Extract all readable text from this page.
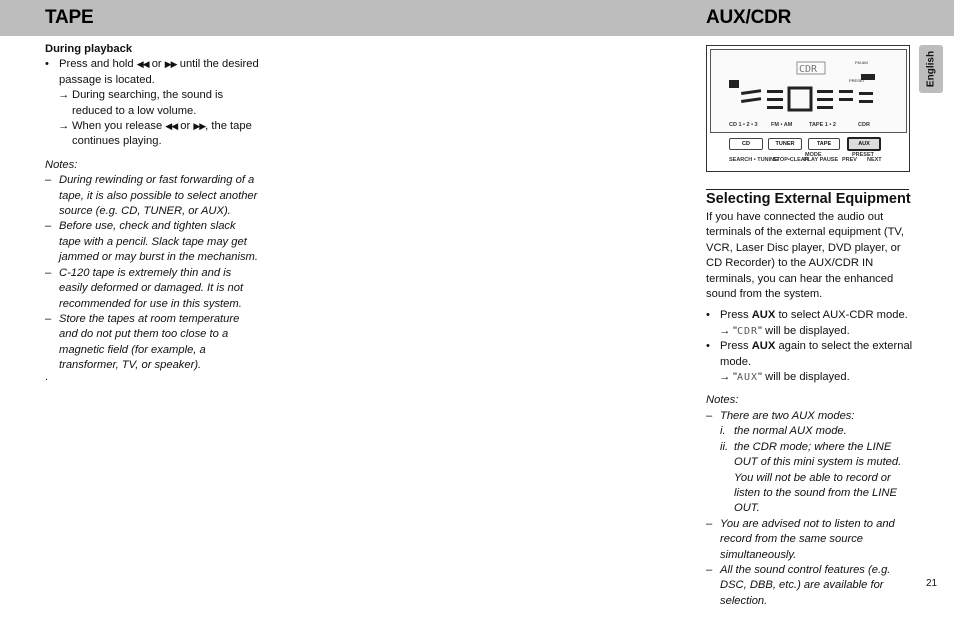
TAPE	AUX/CDR

During playback

• Press and hold ◀◀ or ▶▶ until the desired passage is located.

→ During searching, the sound is reduced to a low volume.

→ When you release ◀◀ or ▶▶, the tape continues playing.

Notes:

– During rewinding or fast forwarding of a tape, it is also possible to select another source (e.g. CD, TUNER, or AUX).

– Before use, check and tighten slack tape with a pencil. Slack tape may get jammed or may burst in the mechanism.

– C-120 tape is extremely thin and is easily deformed or damaged. It is not recommended for use in this system.

– Store the tapes at room temperature and do not put them too close to a magnetic field (for example, a transformer, TV, or speaker).

.
CDR
FM AM
PRESET
CD 1 • 2 • 3 FM • AM	TAPE 1 • 2	CDR
CD	TUNER	TAPE	AUX
MODE
SEARCH • TUNING
STOP•CLEAR
PLAY PAUSE PREV NEXT
PRESET
English
Selecting External Equipment

If you have connected the audio out terminals of the external equipment (TV, VCR, Laser Disc player, DVD player, or CD Recorder) to the AUX/CDR IN terminals, you can hear the enhanced sound from the system.

• Press AUX to select AUX-CDR mode.

→ "CDR" will be displayed.

• Press AUX again to select the external mode.

→ "AUX" will be displayed.

Notes:

– There are two AUX modes:

i. the normal AUX mode.

ii. the CDR mode; where the LINE OUT of this mini system is muted. You will not be able to record or listen to the sound from the LINE OUT.

– You are advised not to listen to and record from the same source simultaneously.

– All the sound control features (e.g. DSC, DBB, etc.) are available for selection.

21
